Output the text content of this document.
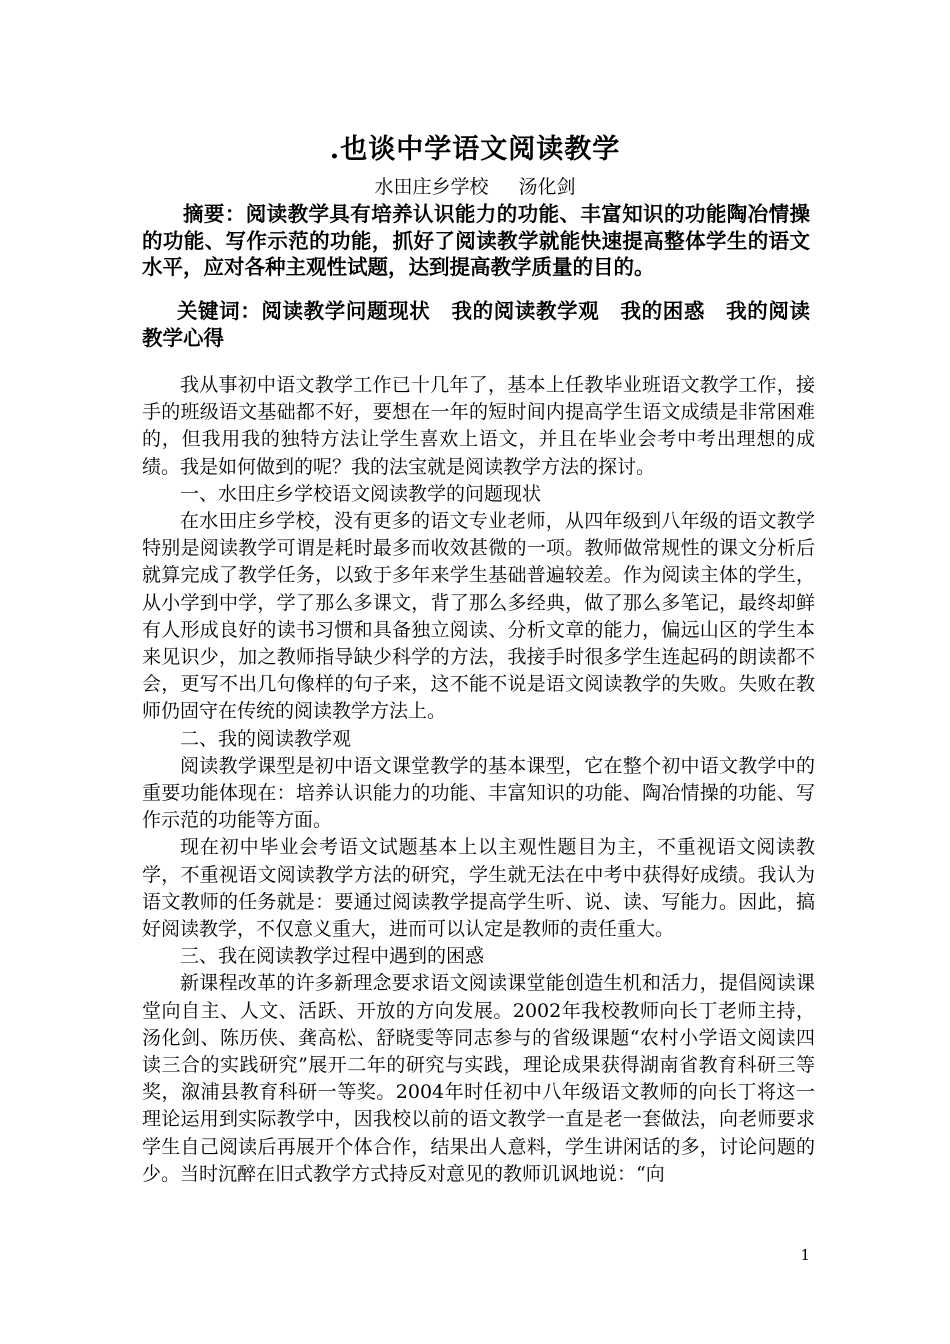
.也谈中学语文阅读教学
水田庄乡学校 汤化剑

摘要：阅读教学具有培养认识能力的功能、丰富知识的功能陶冶情操的功能、写作示范的功能，抓好了阅读教学就能快速提高整体学生的语文水平，应对各种主观性试题，达到提高教学质量的目的。

关键词：阅读教学问题现状　我的阅读教学观　我的困惑　我的阅读教学心得

我从事初中语文教学工作已十几年了，基本上任教毕业班语文教学工作，接手的班级语文基础都不好，要想在一年的短时间内提高学生语文成绩是非常困难的，但我用我的独特方法让学生喜欢上语文，并且在毕业会考中考出理想的成绩。我是如何做到的呢？我的法宝就是阅读教学方法的探讨。

一、水田庄乡学校语文阅读教学的问题现状

在水田庄乡学校，没有更多的语文专业老师，从四年级到八年级的语文教学特别是阅读教学可谓是耗时最多而收效甚微的一项。教师做常规性的课文分析后就算完成了教学任务，以致于多年来学生基础普遍较差。作为阅读主体的学生，从小学到中学，学了那么多课文，背了那么多经典，做了那么多笔记，最终却鲜有人形成良好的读书习惯和具备独立阅读、分析文章的能力，偏远山区的学生本来见识少，加之教师指导缺少科学的方法，我接手时很多学生连起码的朗读都不会，更写不出几句像样的句子来，这不能不说是语文阅读教学的失败。失败在教师仍固守在传统的阅读教学方法上。

二、我的阅读教学观

阅读教学课型是初中语文课堂教学的基本课型，它在整个初中语文教学中的重要功能体现在：培养认识能力的功能、丰富知识的功能、陶冶情操的功能、写作示范的功能等方面。

现在初中毕业会考语文试题基本上以主观性题目为主，不重视语文阅读教学，不重视语文阅读教学方法的研究，学生就无法在中考中获得好成绩。我认为语文教师的任务就是：要通过阅读教学提高学生听、说、读、写能力。因此，搞好阅读教学，不仅意义重大，进而可以认定是教师的责任重大。

三、我在阅读教学过程中遇到的困惑

新课程改革的许多新理念要求语文阅读课堂能创造生机和活力，提倡阅读课堂向自主、人文、活跃、开放的方向发展。2002年我校教师向长丁老师主持，汤化剑、陈历侠、龚高松、舒晓雯等同志参与的省级课题“农村小学语文阅读四读三合的实践研究”展开二年的研究与实践，理论成果获得湖南省教育科研三等奖，溆浦县教育科研一等奖。2004年时任初中八年级语文教师的向长丁将这一理论运用到实际教学中，因我校以前的语文教学一直是老一套做法，向老师要求学生自己阅读后再展开个体合作，结果出人意料，学生讲闲话的多，讨论问题的少。当时沉醉在旧式教学方式持反对意见的教师讥讽地说：“向

1
